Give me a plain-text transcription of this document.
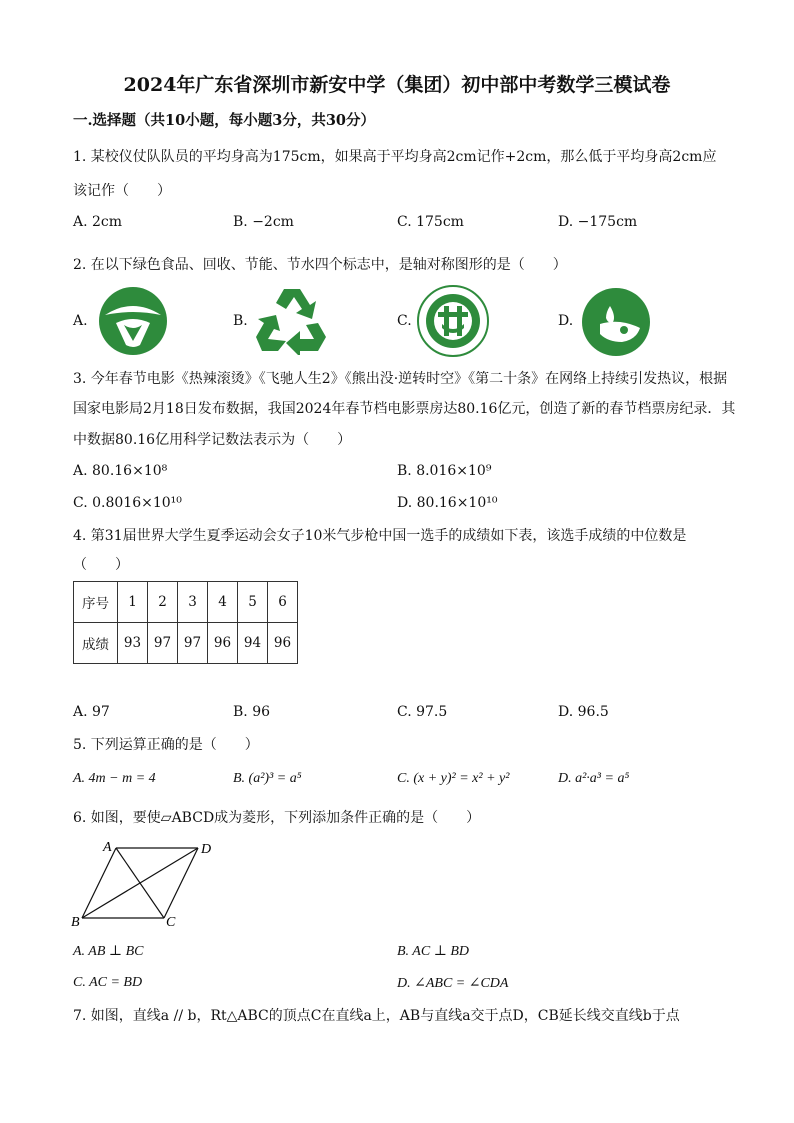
2024年广东省深圳市新安中学（集团）初中部中考数学三模试卷
一.选择题（共10小题，每小题3分，共30分）
1. 某校仪仗队队员的平均身高为175cm，如果高于平均身高2cm记作+2cm，那么低于平均身高2cm应
该记作（　　）
A. 2cm	B. −2cm	C. 175cm	D. −175cm
2. 在以下绿色食品、回收、节能、节水四个标志中，是轴对称图形的是（　　）
A.	B.	C.	D.
3. 今年春节电影《热辣滚烫》《飞驰人生2》《熊出没·逆转时空》《第二十条》在网络上持续引发热议，根据
国家电影局2月18日发布数据，我国2024年春节档电影票房达80.16亿元，创造了新的春节档票房纪录．其
中数据80.16亿用科学记数法表示为（　　）
A. 80.16×10⁸	B. 8.016×10⁹
C. 0.8016×10¹⁰	D. 80.16×10¹⁰
4. 第31届世界大学生夏季运动会女子10米气步枪中国一选手的成绩如下表，该选手成绩的中位数是
（　　）
序号	1	2	3	4	5	6
成绩	93	97	97	96	94	96
A. 97	B. 96	C. 97.5	D. 96.5
5. 下列运算正确的是（　　）
A. 4m − m = 4	B. (a²)³ = a⁵	C. (x + y)² = x² + y²	D. a²·a³ = a⁵
6. 如图，要使▱ABCD成为菱形，下列添加条件正确的是（　　）
A	D
B	C
A. AB ⊥ BC	B. AC ⊥ BD
C. AC = BD	D. ∠ABC = ∠CDA
7. 如图，直线a // b，Rt△ABC的顶点C在直线a上，AB与直线a交于点D，CB延长线交直线b于点
